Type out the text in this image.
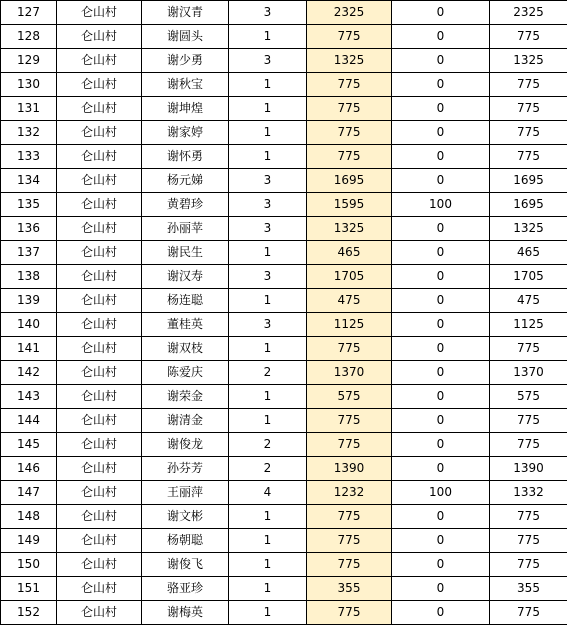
127	仑山村	谢汉青	3	2325	0	2325
128	仑山村	谢圆头	1	775	0	775
129	仑山村	谢少勇	3	1325	0	1325
130	仑山村	谢秋宝	1	775	0	775
131	仑山村	谢坤煌	1	775	0	775
132	仑山村	谢家婷	1	775	0	775
133	仑山村	谢怀勇	1	775	0	775
134	仑山村	杨元娣	3	1695	0	1695
135	仑山村	黄碧珍	3	1595	100	1695
136	仑山村	孙丽苹	3	1325	0	1325
137	仑山村	谢民生	1	465	0	465
138	仑山村	谢汉寿	3	1705	0	1705
139	仑山村	杨连聪	1	475	0	475
140	仑山村	董桂英	3	1125	0	1125
141	仑山村	谢双枝	1	775	0	775
142	仑山村	陈爱庆	2	1370	0	1370
143	仑山村	谢荣金	1	575	0	575
144	仑山村	谢清金	1	775	0	775
145	仑山村	谢俊龙	2	775	0	775
146	仑山村	孙芬芳	2	1390	0	1390
147	仑山村	王丽萍	4	1232	100	1332
148	仑山村	谢文彬	1	775	0	775
149	仑山村	杨朝聪	1	775	0	775
150	仑山村	谢俊飞	1	775	0	775
151	仑山村	骆亚珍	1	355	0	355
152	仑山村	谢梅英	1	775	0	775
